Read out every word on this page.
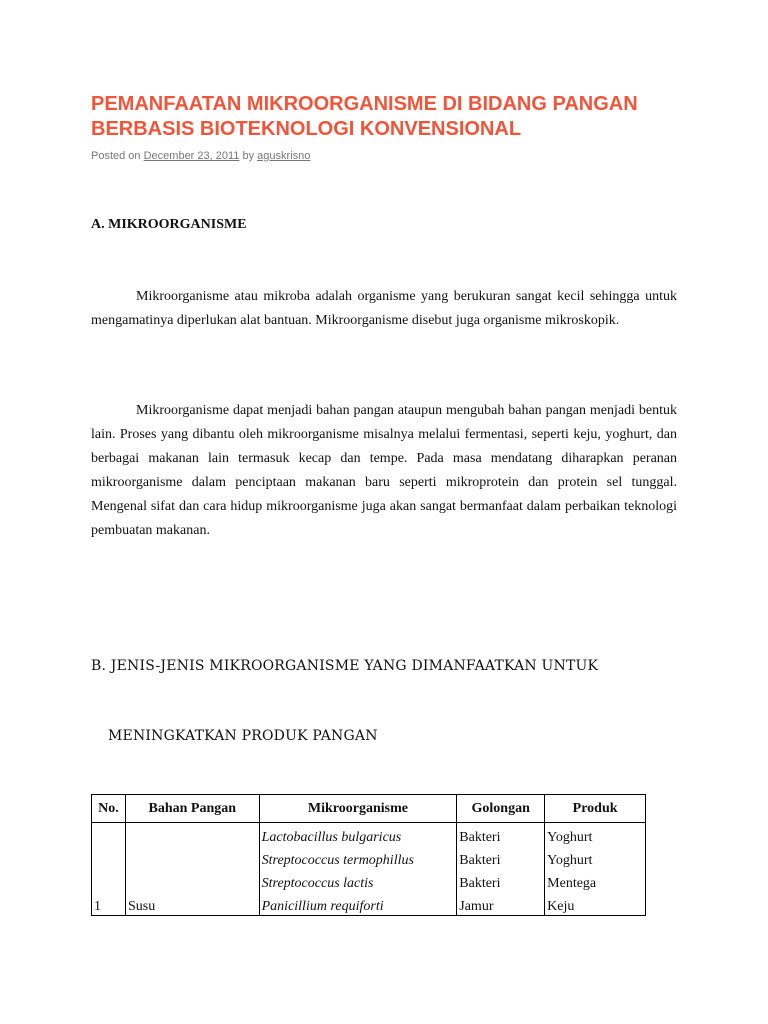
PEMANFAATAN MIKROORGANISME DI BIDANG PANGAN BERBASIS BIOTEKNOLOGI KONVENSIONAL
Posted on December 23, 2011 by aguskrisno
A. MIKROORGANISME

Mikroorganisme atau mikroba adalah organisme yang berukuran sangat kecil sehingga untuk mengamatinya diperlukan alat bantuan. Mikroorganisme disebut juga organisme mikroskopik.

Mikroorganisme dapat menjadi bahan pangan ataupun mengubah bahan pangan menjadi bentuk lain. Proses yang dibantu oleh mikroorganisme misalnya melalui fermentasi, seperti keju, yoghurt, dan berbagai makanan lain termasuk kecap dan tempe. Pada masa mendatang diharapkan peranan mikroorganisme dalam penciptaan makanan baru seperti mikroprotein dan protein sel tunggal. Mengenal sifat dan cara hidup mikroorganisme juga akan sangat bermanfaat dalam perbaikan teknologi pembuatan makanan.

B. JENIS-JENIS MIKROORGANISME YANG DIMANFAATKAN UNTUK
MENINGKATKAN PRODUK PANGAN
No.	Bahan Pangan	Mikroorganisme	Golongan	Produk
		Lactobacillus bulgaricus	Bakteri	Yoghurt
		Streptococcus termophillus	Bakteri	Yoghurt
		Streptococcus lactis	Bakteri	Mentega
1	Susu	Panicillium requiforti	Jamur	Keju
